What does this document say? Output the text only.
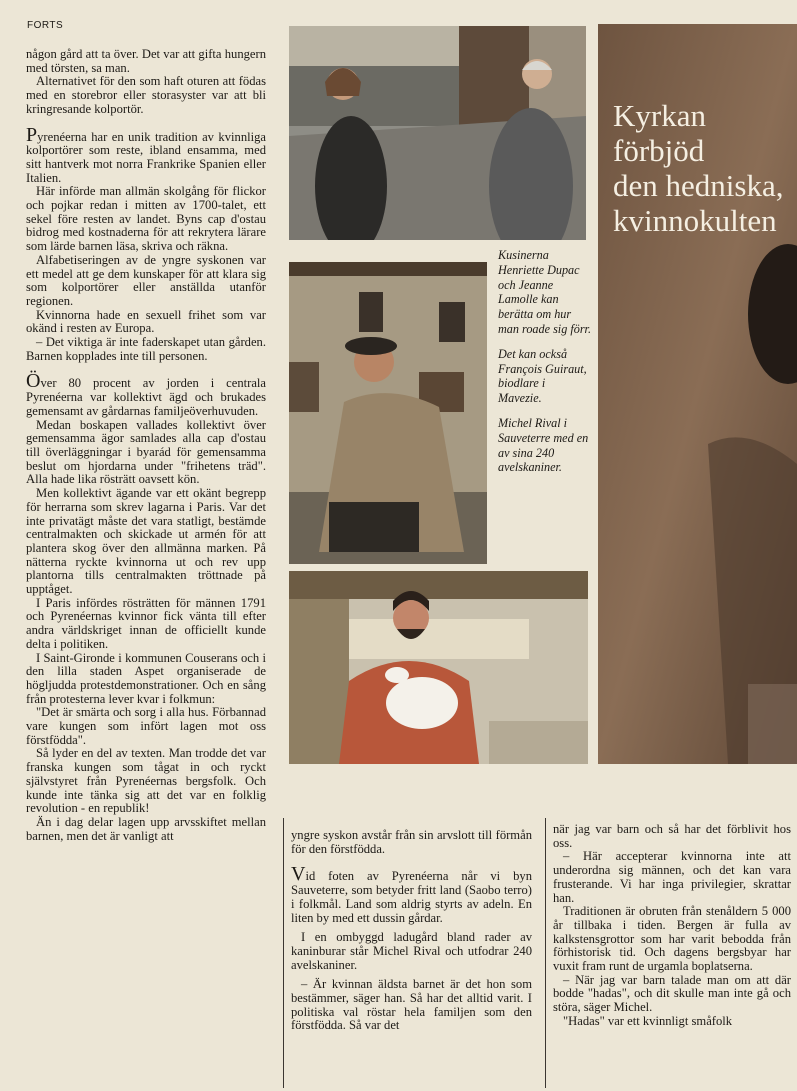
FORTS

någon gård att ta över. Det var att gifta hungern med törsten, sa man.

Alternativet för den som haft oturen att födas med en storebror eller storasyster var att bli kringresande kolportör.

Pyrenéerna har en unik tradition av kvinnliga kolportörer som reste, ibland ensamma, med sitt hantverk mot norra Frankrike Spanien eller Italien.

Här införde man allmän skolgång för flickor och pojkar redan i mitten av 1700-talet, ett sekel före resten av landet. Byns cap d'ostau bidrog med kostnaderna för att rekrytera lärare som lärde barnen läsa, skriva och räkna.

Alfabetiseringen av de yngre syskonen var ett medel att ge dem kunskaper för att klara sig som kolportörer eller anställda utanför regionen.

Kvinnorna hade en sexuell frihet som var okänd i resten av Europa.

– Det viktiga är inte faderskapet utan gården. Barnen kopplades inte till personen.

Över 80 procent av jorden i centrala Pyrenéerna var kollektivt ägd och brukades gemensamt av gårdarnas familjeöverhuvuden.

Medan boskapen vallades kollektivt över gemensamma ägor samlades alla cap d'ostau till överläggningar i byarád för gemensamma beslut om hjordarna under "frihetens träd". Alla hade lika rösträtt oavsett kön.

Men kollektivt ägande var ett okänt begrepp för herrarna som skrev lagarna i Paris. Var det inte privatägt måste det vara statligt, bestämde centralmakten och skickade ut armén för att plantera skog över den allmänna marken. På nätterna ryckte kvinnorna ut och rev upp plantorna tills centralmakten tröttnade på upptåget.

I Paris infördes rösträtten för männen 1791 och Pyrenéernas kvinnor fick vänta till efter andra världskriget innan de officiellt kunde delta i politiken.

I Saint-Gironde i kommunen Couserans och i den lilla staden Aspet organiserade de högljudda protestdemonstrationer. Och en sång från protesterna lever kvar i folkmun:

"Det är smärta och sorg i alla hus. Förbannad vare kungen som infört lagen mot oss förstfödda".

Så lyder en del av texten. Man trodde det var franska kungen som tågat in och ryckt självstyret från Pyrenéernas bergsfolk. Och kunde inte tänka sig att det var en folklig revolution - en republik!

Än i dag delar lagen upp arvsskiftet mellan barnen, men det är vanligt att

Kusinerna Henriette Dupac och Jeanne Lamolle kan berätta om hur man roade sig förr.

Det kan också François Guiraut, biodlare i Mavezie.

Michel Rival i Sauveterre med en av sina 240 avelskaniner.

Kyrkan
förbjöd
den hedniska,
kvinnokulten

yngre syskon avstår från sin arvslott till förmån för den förstfödda.

Vid foten av Pyrenéerna når vi byn Sauveterre, som betyder fritt land (Saobo terro) i folkmål. Land som aldrig styrts av adeln. En liten by med ett dussin gårdar.

I en ombyggd ladugård bland rader av kaninburar står Michel Rival och utfodrar 240 avelskaniner.

– Är kvinnan äldsta barnet är det hon som bestämmer, säger han. Så har det alltid varit. I politiska val röstar hela familjen som den förstfödda. Så var det

när jag var barn och så har det förblivit hos oss.

– Här accepterar kvinnorna inte att underordna sig männen, och det kan vara frusterande. Vi har inga privilegier, skrattar han.

Traditionen är obruten från stenåldern 5 000 år tillbaka i tiden. Bergen är fulla av kalkstensgrottor som har varit bebodda från förhistorisk tid. Och dagens bergsbyar har vuxit fram runt de urgamla boplatserna.

– När jag var barn talade man om att där bodde "hadas", och dit skulle man inte gå och störa, säger Michel.

"Hadas" var ett kvinnligt småfolk
